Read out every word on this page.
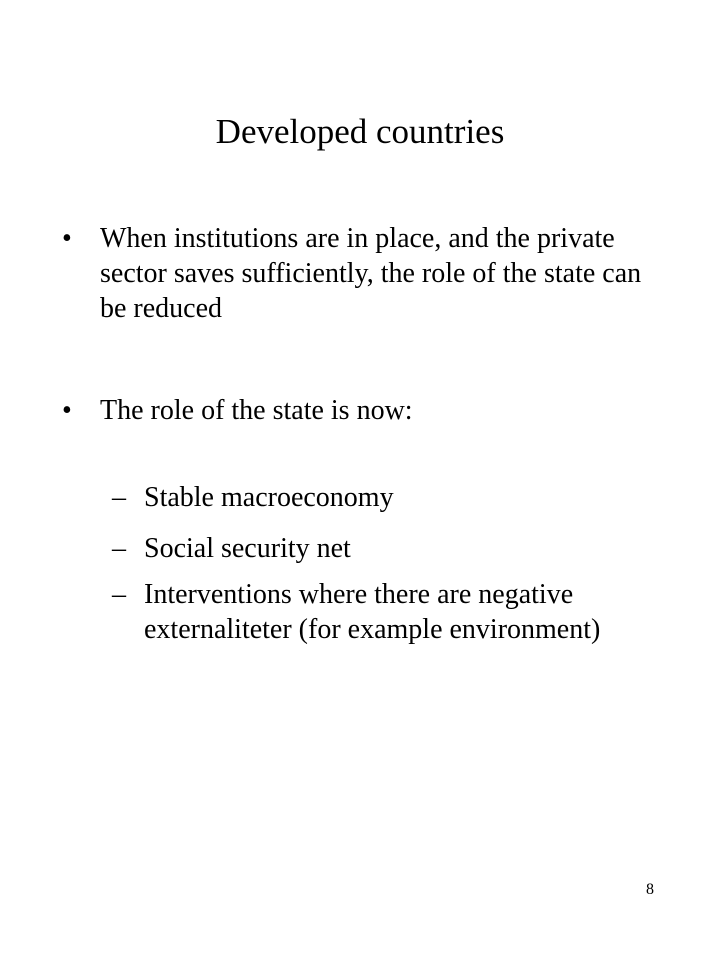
Developed countries
• When institutions are in place, and the private sector saves sufficiently, the role of the state can be reduced
• The role of the state is now:
– Stable macroeconomy
– Social security net
– Interventions where there are negative externaliteter (for example environment)
8
